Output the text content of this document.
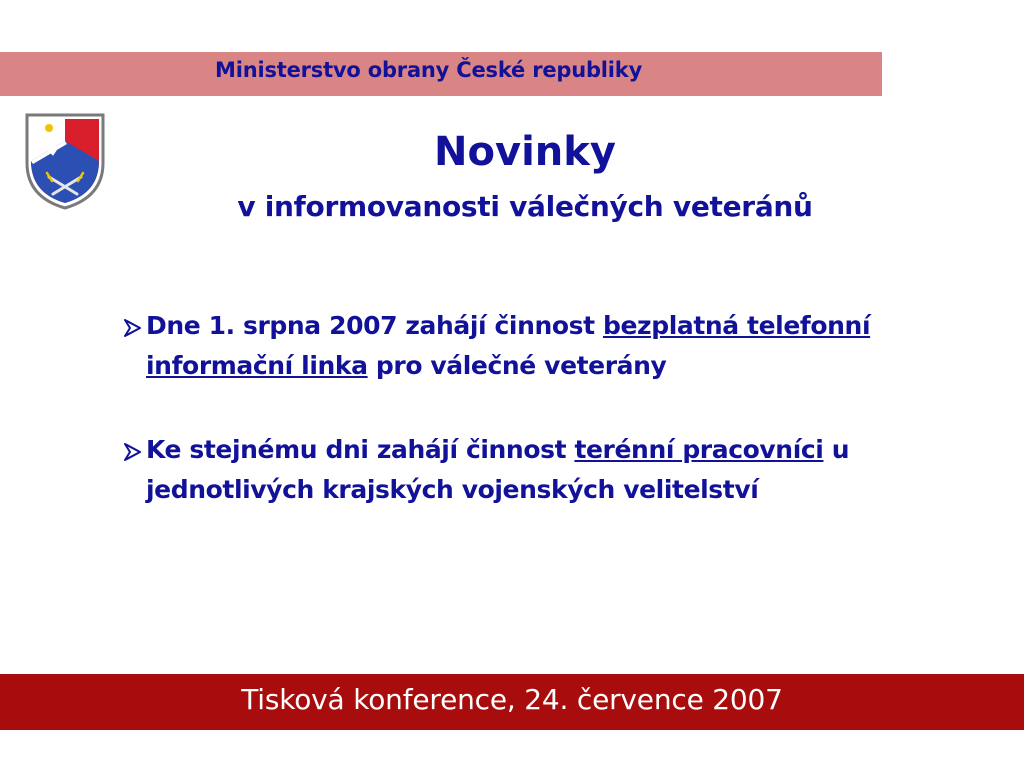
Ministerstvo obrany České republiky
Novinky
v informovanosti válečných veteránů
Dne 1. srpna 2007 zahájí činnost bezplatná telefonní informační linka pro válečné veterány
Ke stejnému dni zahájí činnost terénní pracovníci u jednotlivých krajských vojenských velitelství
Tisková konference, 24. července 2007
